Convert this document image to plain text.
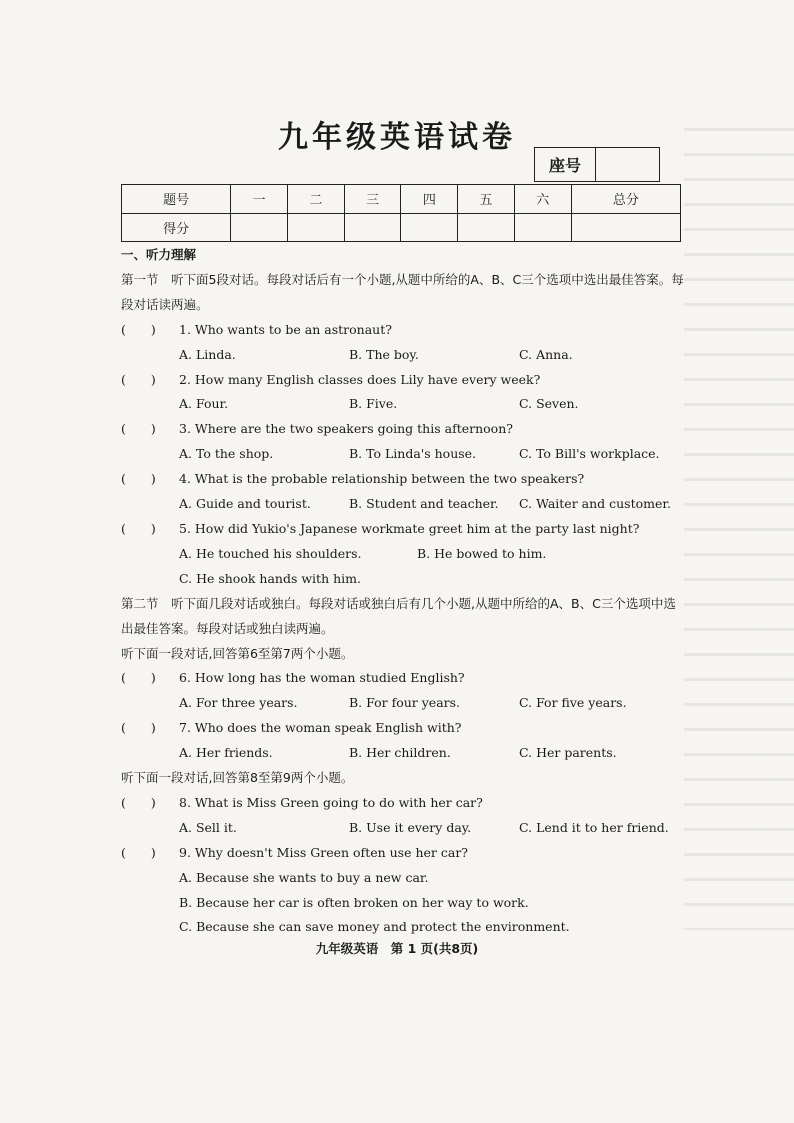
九年级英语试卷
座号
题号	一	二	三	四	五	六	总分
得分							
一、听力理解
第一节　听下面5段对话。每段对话后有一个小题,从题中所给的A、B、C三个选项中选出最佳答案。每段对话读两遍。
(　　)	1. Who wants to be an astronaut?
A. Linda.	B. The boy.	C. Anna.
(　　)	2. How many English classes does Lily have every week?
A. Four.	B. Five.	C. Seven.
(　　)	3. Where are the two speakers going this afternoon?
A. To the shop.	B. To Linda's house.	C. To Bill's workplace.
(　　)	4. What is the probable relationship between the two speakers?
A. Guide and tourist.	B. Student and teacher.	C. Waiter and customer.
(　　)	5. How did Yukio's Japanese workmate greet him at the party last night?
A. He touched his shoulders.	B. He bowed to him.
C. He shook hands with him.
第二节　听下面几段对话或独白。每段对话或独白后有几个小题,从题中所给的A、B、C三个选项中选出最佳答案。每段对话或独白读两遍。
听下面一段对话,回答第6至第7两个小题。
(　　)	6. How long has the woman studied English?
A. For three years.	B. For four years.	C. For five years.
(　　)	7. Who does the woman speak English with?
A. Her friends.	B. Her children.	C. Her parents.
听下面一段对话,回答第8至第9两个小题。
(　　)	8. What is Miss Green going to do with her car?
A. Sell it.	B. Use it every day.	C. Lend it to her friend.
(　　)	9. Why doesn't Miss Green often use her car?
A. Because she wants to buy a new car.
B. Because her car is often broken on her way to work.
C. Because she can save money and protect the environment.
九年级英语　第 1 页(共8页)
